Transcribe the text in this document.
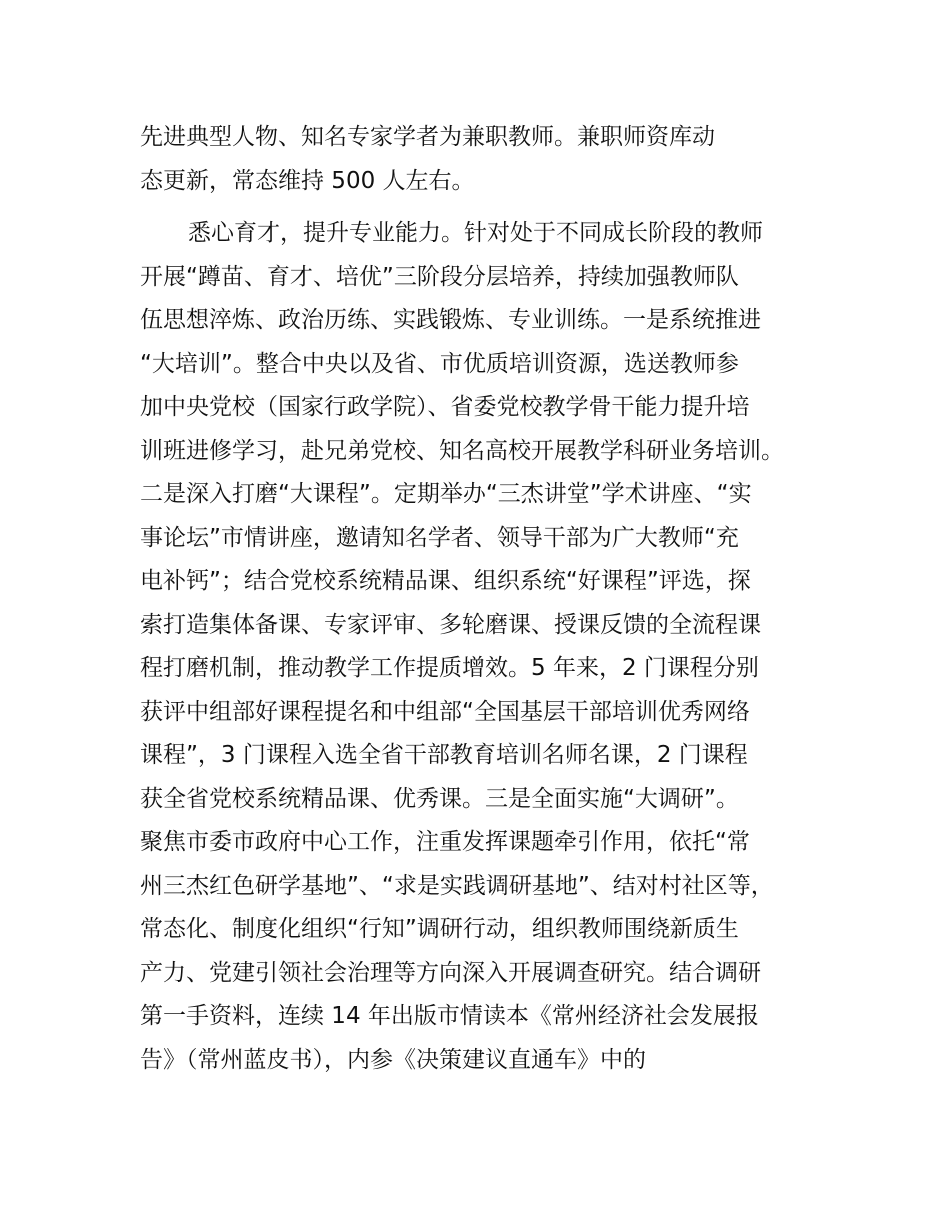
先进典型人物、知名专家学者为兼职教师。兼职师资库动
态更新，常态维持 500 人左右。
悉心育才，提升专业能力。针对处于不同成长阶段的教师
开展“蹲苗、育才、培优”三阶段分层培养，持续加强教师队
伍思想淬炼、政治历练、实践锻炼、专业训练。一是系统推进
“大培训”。整合中央以及省、市优质培训资源，选送教师参
加中央党校（国家行政学院）、省委党校教学骨干能力提升培
训班进修学习，赴兄弟党校、知名高校开展教学科研业务培训。
二是深入打磨“大课程”。定期举办“三杰讲堂”学术讲座、“实
事论坛”市情讲座，邀请知名学者、领导干部为广大教师“充
电补钙”；结合党校系统精品课、组织系统“好课程”评选，探
索打造集体备课、专家评审、多轮磨课、授课反馈的全流程课
程打磨机制，推动教学工作提质增效。5 年来，2 门课程分别
获评中组部好课程提名和中组部“全国基层干部培训优秀网络
课程”，3 门课程入选全省干部教育培训名师名课，2 门课程
获全省党校系统精品课、优秀课。三是全面实施“大调研”。
聚焦市委市政府中心工作，注重发挥课题牵引作用，依托“常
州三杰红色研学基地”、“求是实践调研基地”、结对村社区等，
常态化、制度化组织“行知”调研行动，组织教师围绕新质生
产力、党建引领社会治理等方向深入开展调查研究。结合调研
第一手资料，连续 14 年出版市情读本《常州经济社会发展报
告》（常州蓝皮书），内参《决策建议直通车》中的
